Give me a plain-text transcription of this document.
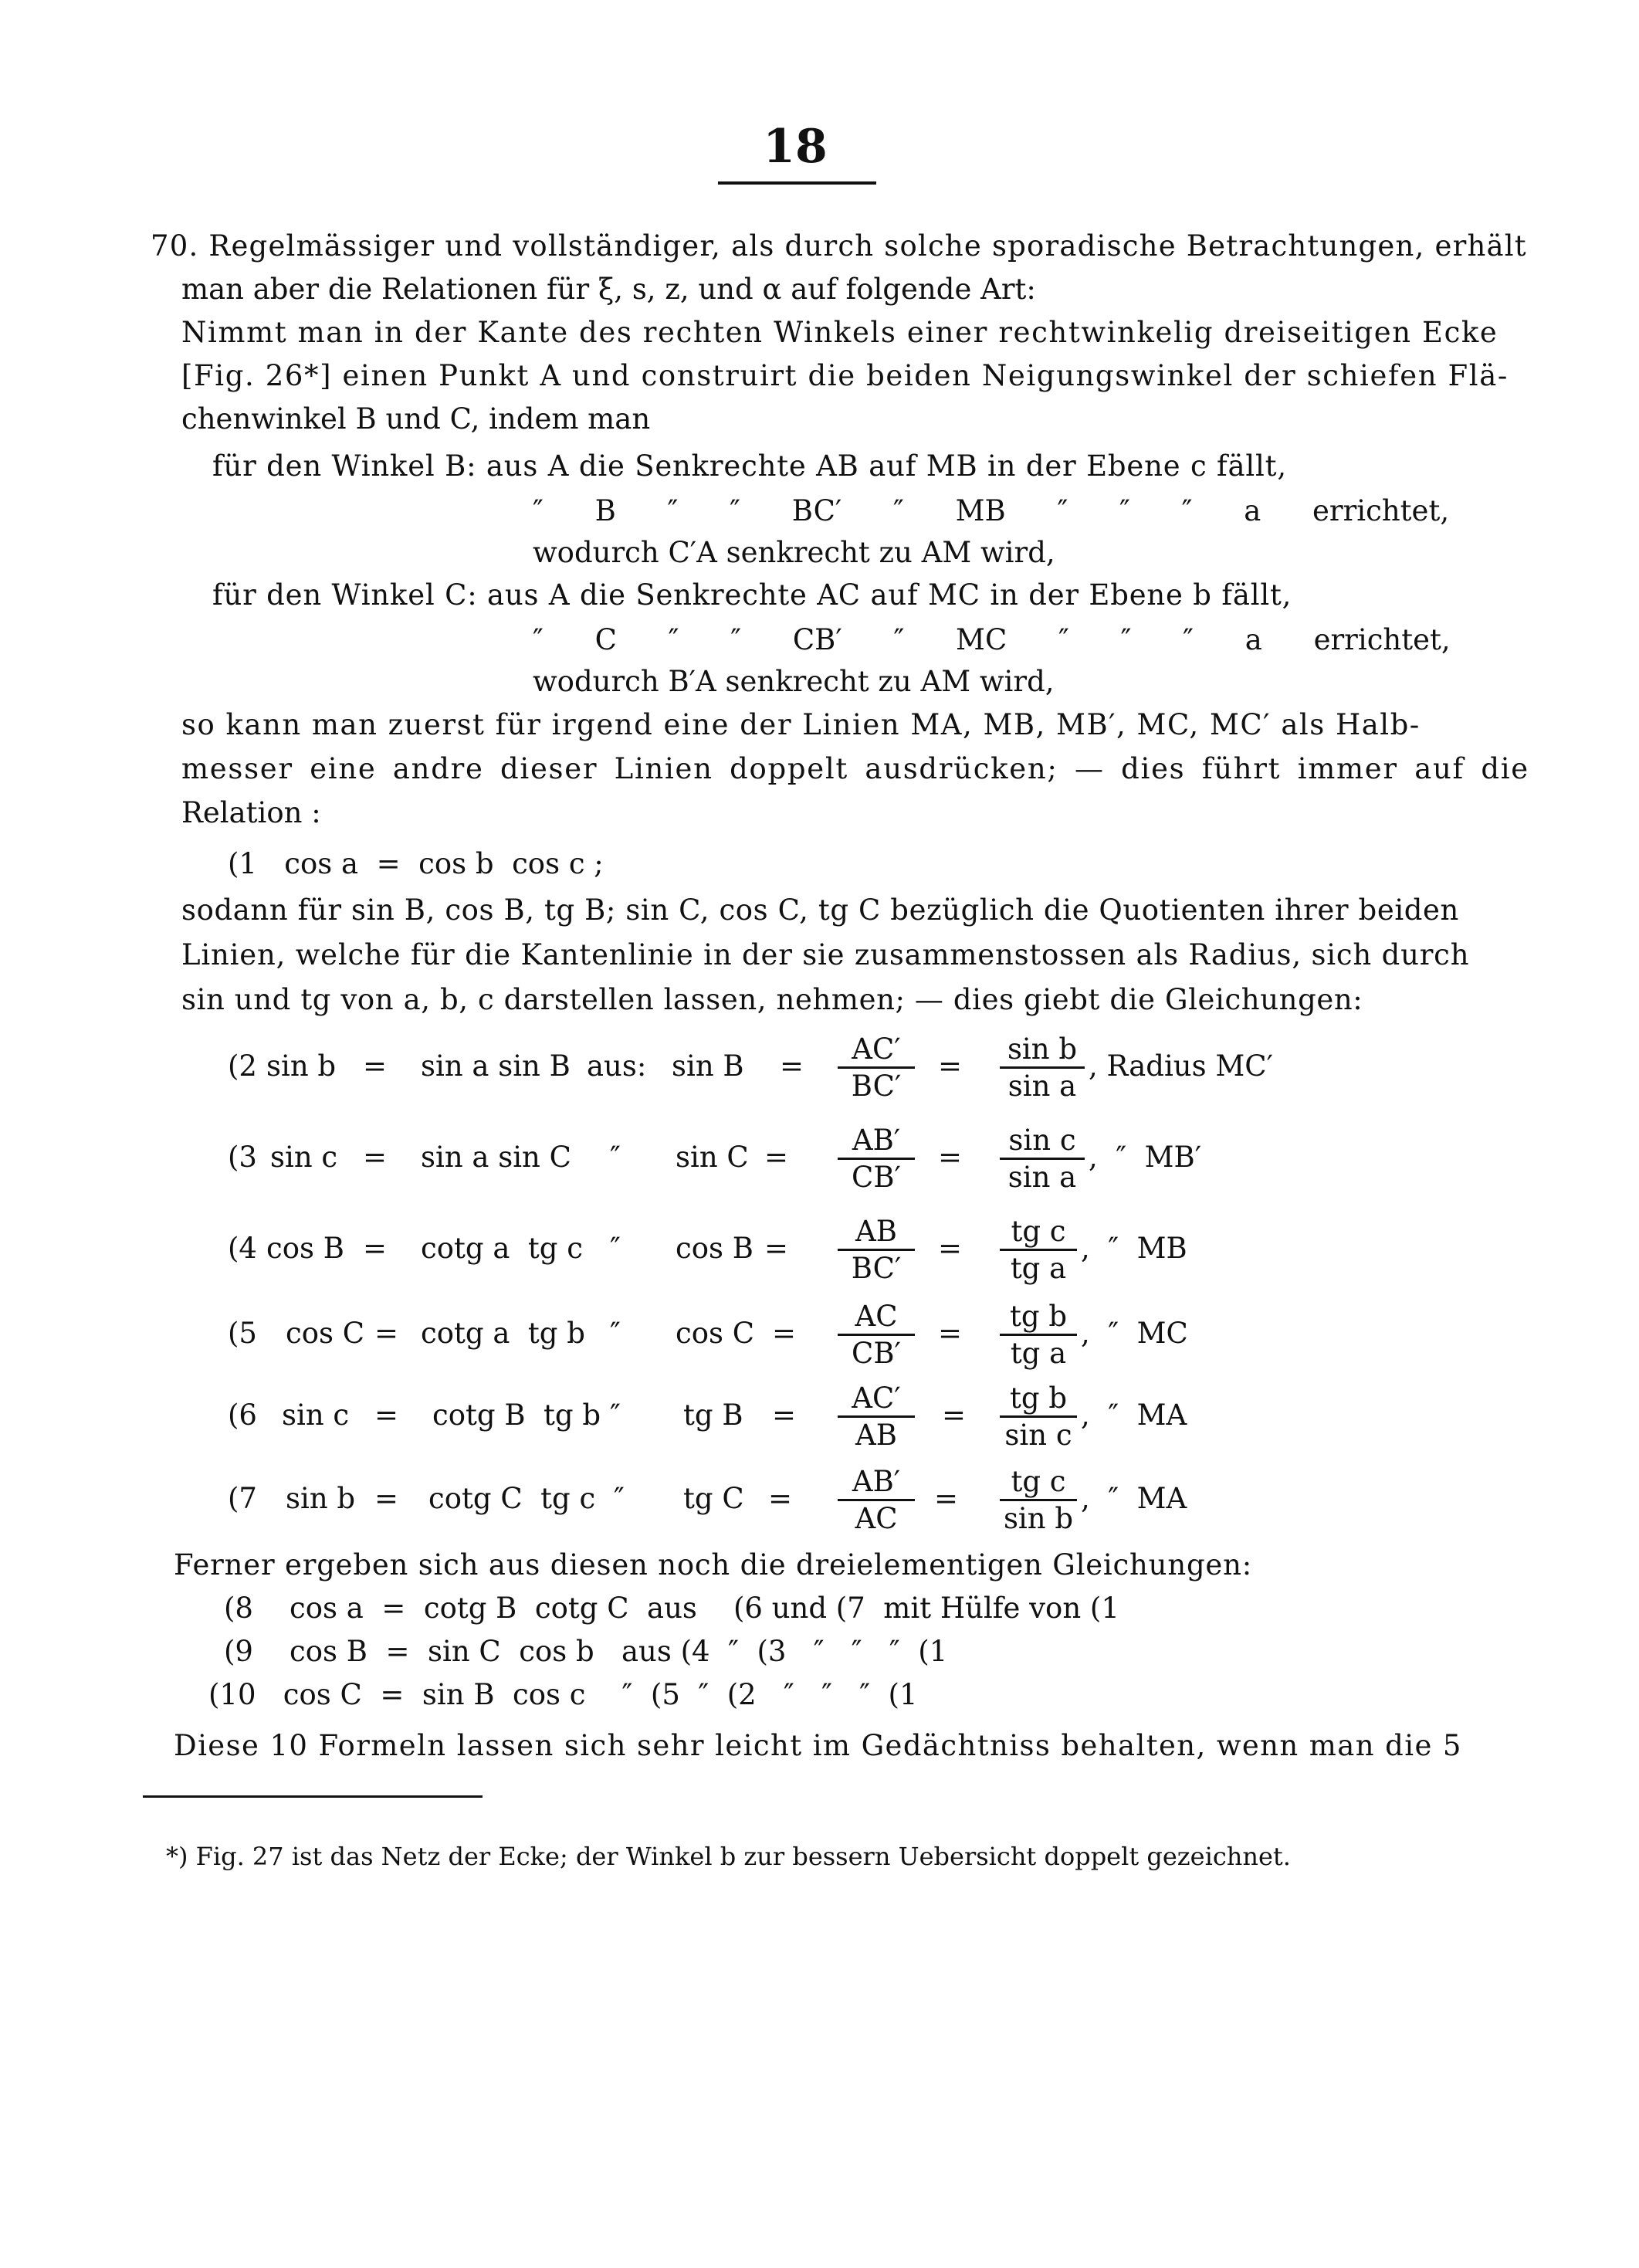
18
70. Regelmässiger und vollständiger, als durch solche sporadische Betrachtungen, erhält
man aber die Relationen für ξ, s, z, und α auf folgende Art:
Nimmt man in der Kante des rechten Winkels einer rechtwinkelig dreiseitigen Ecke
[Fig. 26*] einen Punkt A und construirt die beiden Neigungswinkel der schiefen Flä-
chenwinkel B und C, indem man
für den Winkel B: aus A die Senkrechte AB auf MB in der Ebene c fällt,
″ B ″ ″ BC′ ″ MB ″ ″ ″ a errichtet,
wodurch C′A senkrecht zu AM wird,
für den Winkel C: aus A die Senkrechte AC auf MC in der Ebene b fällt,
″ C ″ ″ CB′ ″ MC ″ ″ ″ a errichtet,
wodurch B′A senkrecht zu AM wird,
so kann man zuerst für irgend eine der Linien MA, MB, MB′, MC, MC′ als Halb-
messer eine andre dieser Linien doppelt ausdrücken; — dies führt immer auf die
Relation :
(1   cos a  =  cos b  cos c ;
sodann für sin B, cos B, tg B; sin C, cos C, tg C bezüglich die Quotienten ihrer beiden
Linien, welche für die Kantenlinie in der sie zusammenstossen als Radius, sich durch
sin und tg von a, b, c darstellen lassen, nehmen; — dies giebt die Gleichungen:
(2 sin b = sin a sin B aus: $\sin B = \frac{AC'}{BC'} = \frac{\text{sin b}}{\text{sin a}}$ , Radius MC′
(3 sin c = sin a sin C ″ $\sin C = \frac{AB'}{CB'} = \frac{\text{sin c}}{\text{sin a}}$ ,  ″  MB′
(4 cos B = cotg a  tg c ″ $\cos B = \frac{AB}{BC'} = \frac{\text{tg c}}{\text{tg a}}$ ,  ″  MB
(5 cos C = cotg a  tg b ″ $\cos C = \frac{AC}{CB'} = \frac{\text{tg b}}{\text{tg a}}$ ,  ″  MC
(6 sin c = cotg B  tg b ″ tg $B = \frac{AC'}{AB} = \frac{\text{tg b}}{\text{sin c}}$ ,  ″  MA
(7 sin b = cotg C  tg c ″ tg $C = \frac{AB'}{AC} = \frac{\text{tg c}}{\text{sin b}}$ ,  ″  MA
Ferner ergeben sich aus diesen noch die dreielementigen Gleichungen:
(8    cos a  =  cotg B  cotg C  aus    (6 und (7  mit Hülfe von (1
(9    cos B  =  sin C  cos b   aus (4  ″  (3   ″   ″   ″  (1
(10   cos C  =  sin B  cos c    ″  (5  ″  (2   ″   ″   ″  (1
Diese 10 Formeln lassen sich sehr leicht im Gedächtniss behalten, wenn man die 5
*) Fig. 27 ist das Netz der Ecke; der Winkel b zur bessern Uebersicht doppelt gezeichnet.
